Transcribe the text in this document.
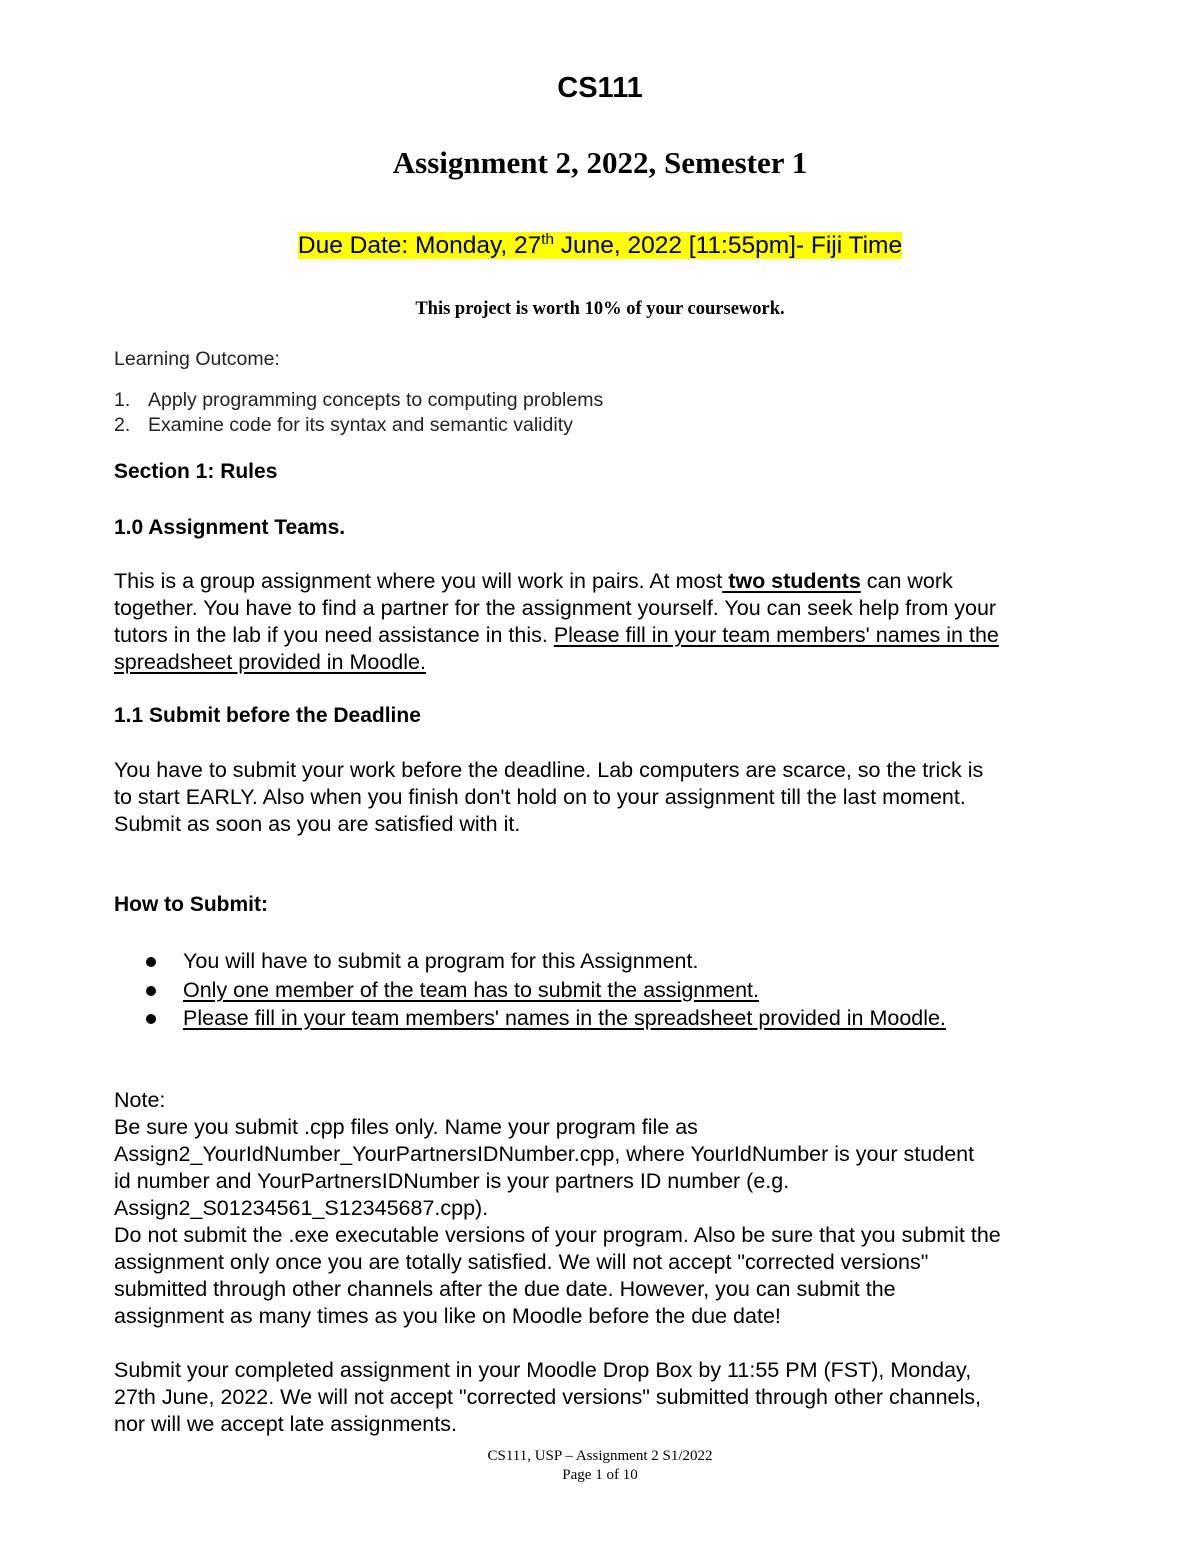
CS111
Assignment 2, 2022, Semester 1
Due Date: Monday, 27th June, 2022 [11:55pm]- Fiji Time
This project is worth 10% of your coursework.
Learning Outcome:
1. Apply programming concepts to computing problems
2. Examine code for its syntax and semantic validity
Section 1: Rules
1.0 Assignment Teams.
This is a group assignment where you will work in pairs. At most two students can work
together. You have to find a partner for the assignment yourself. You can seek help from your
tutors in the lab if you need assistance in this. Please fill in your team members' names in the
spreadsheet provided in Moodle.
1.1 Submit before the Deadline
You have to submit your work before the deadline. Lab computers are scarce, so the trick is
to start EARLY. Also when you finish don't hold on to your assignment till the last moment.
Submit as soon as you are satisfied with it.
How to Submit:
You will have to submit a program for this Assignment.
Only one member of the team has to submit the assignment.
Please fill in your team members' names in the spreadsheet provided in Moodle.
Note:
Be sure you submit .cpp files only. Name your program file as
Assign2_YourIdNumber_YourPartnersIDNumber.cpp, where YourIdNumber is your student
id number and YourPartnersIDNumber is your partners ID number (e.g.
Assign2_S01234561_S12345687.cpp).
Do not submit the .exe executable versions of your program. Also be sure that you submit the
assignment only once you are totally satisfied. We will not accept "corrected versions"
submitted through other channels after the due date. However, you can submit the
assignment as many times as you like on Moodle before the due date!
Submit your completed assignment in your Moodle Drop Box by 11:55 PM (FST), Monday,
27th June, 2022. We will not accept "corrected versions" submitted through other channels,
nor will we accept late assignments.
CS111, USP – Assignment 2 S1/2022
Page 1 of 10
